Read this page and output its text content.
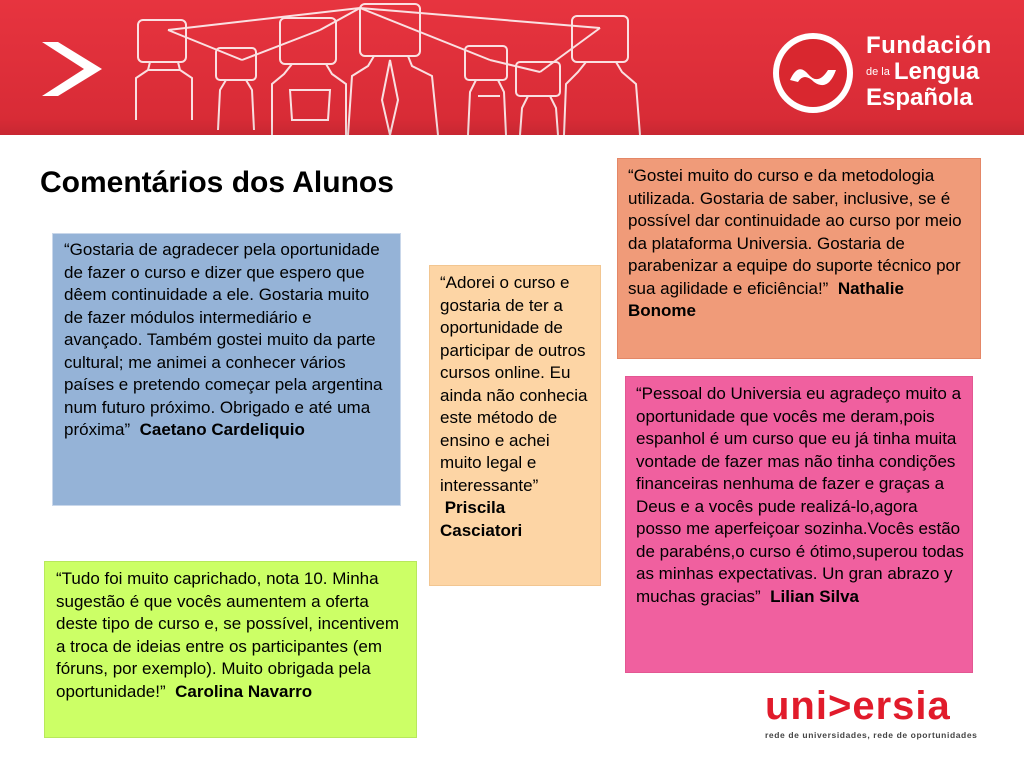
Fundación
de la Lengua
Española
Comentários dos Alunos
“Gostaria de agradecer pela oportunidade de fazer o curso e dizer que espero que dêem continuidade a ele. Gostaria muito de fazer módulos intermediário e avançado. Também gostei muito da parte cultural; me animei a conhecer vários países e pretendo começar pela argentina num futuro próximo. Obrigado e até uma próxima”  Caetano Cardeliquio
“Adorei o curso e gostaria de ter a oportunidade de participar de outros cursos online. Eu ainda não conhecia este método de ensino e achei muito legal e interessante”  Priscila Casciatori
“Gostei muito do curso e da metodologia utilizada. Gostaria de saber, inclusive, se é possível dar continuidade ao curso por meio da plataforma Universia. Gostaria de parabenizar a equipe do suporte técnico por sua agilidade e eficiência!”  Nathalie Bonome
“Pessoal do Universia eu agradeço muito a oportunidade que vocês me deram,pois espanhol é um curso que eu já tinha muita vontade de fazer mas não tinha condições financeiras nenhuma de fazer e graças a Deus e a vocês pude realizá-lo,agora posso me aperfeiçoar sozinha.Vocês estão de parabéns,o curso é ótimo,superou todas as minhas expectativas. Un gran abrazo y muchas gracias”  Lilian Silva
“Tudo foi muito caprichado, nota 10. Minha sugestão é que vocês aumentem a oferta deste tipo de curso e, se possível, incentivem a troca de ideias entre os participantes (em fóruns, por exemplo). Muito obrigada pela oportunidade!”  Carolina Navarro	uni>ersia
rede de universidades, rede de oportunidades
